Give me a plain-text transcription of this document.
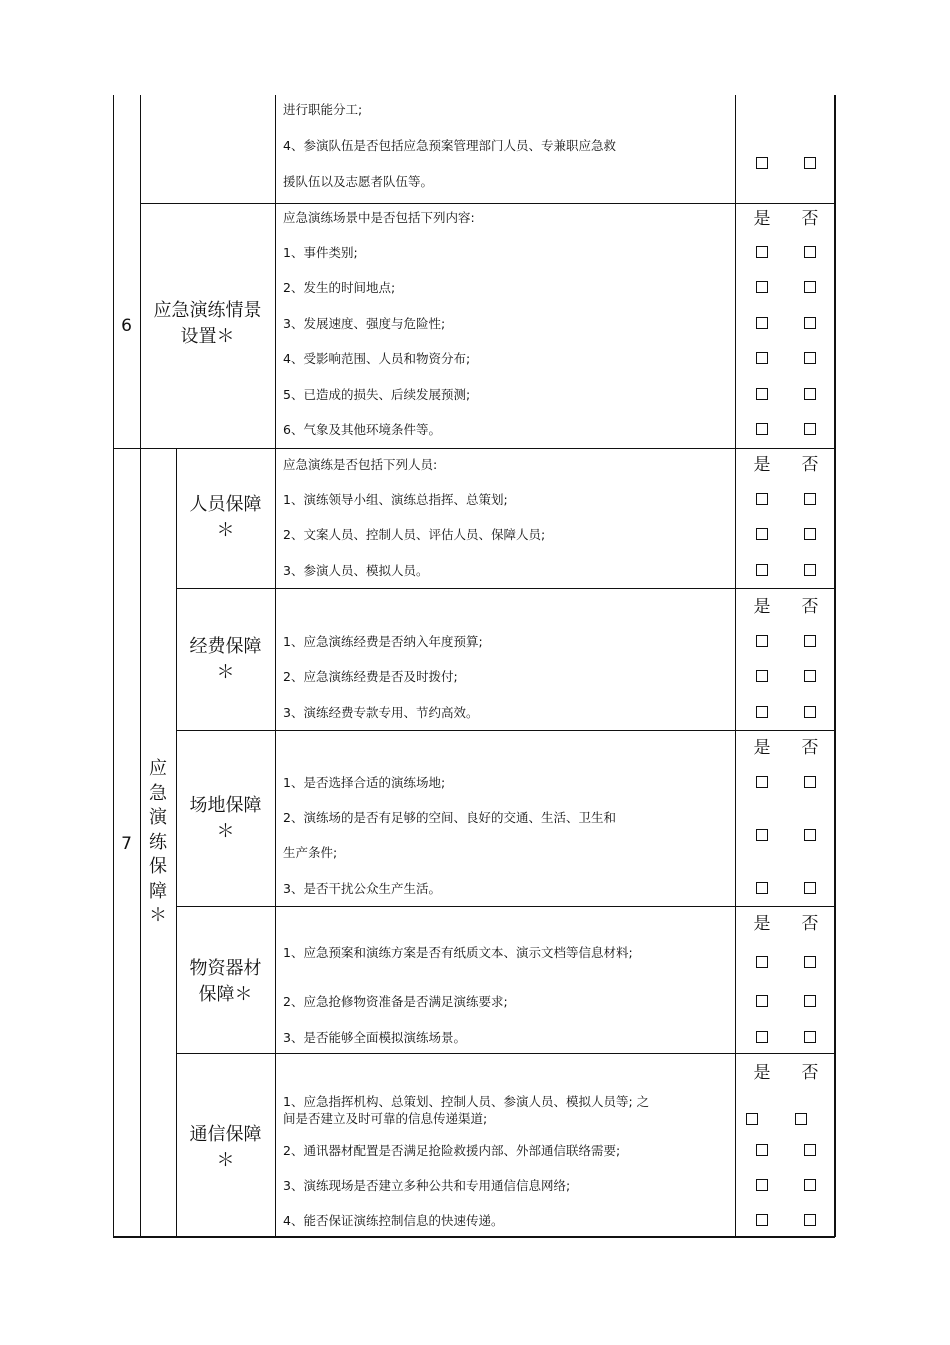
进行职能分工;
4、参演队伍是否包括应急预案管理部门人员、专兼职应急救
援队伍以及志愿者队伍等。
6
应急演练情景
设置＊
应急演练场景中是否包括下列内容:	是 否
1、事件类别;
2、发生的时间地点;
3、发展速度、强度与危险性;
4、受影响范围、人员和物资分布;
5、已造成的损失、后续发展预测;
6、气象及其他环境条件等。
7
应
急
演
练
保
障
＊
人员保障
＊
应急演练是否包括下列人员:	是 否
1、演练领导小组、演练总指挥、总策划;
2、文案人员、控制人员、评估人员、保障人员;
3、参演人员、模拟人员。
经费保障
＊
是 否
1、应急演练经费是否纳入年度预算;
2、应急演练经费是否及时拨付;
3、演练经费专款专用、节约高效。
场地保障
＊
是 否
1、是否选择合适的演练场地;
2、演练场的是否有足够的空间、良好的交通、生活、卫生和
生产条件;
3、是否干扰公众生产生活。
物资器材
保障＊
是 否
1、应急预案和演练方案是否有纸质文本、演示文档等信息材料;
2、应急抢修物资准备是否满足演练要求;
3、是否能够全面模拟演练场景。
通信保障
＊
是 否
1、应急指挥机构、总策划、控制人员、参演人员、模拟人员等; 之间是否建立及时可靠的信息传递渠道;
2、通讯器材配置是否满足抢险救援内部、外部通信联络需要;
3、演练现场是否建立多种公共和专用通信信息网络;
4、能否保证演练控制信息的快速传递。
